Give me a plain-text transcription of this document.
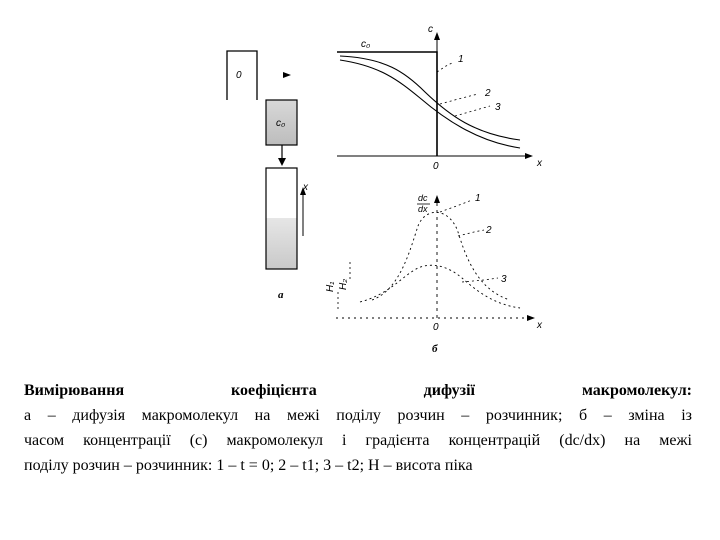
0
c₀
x
а
c
x
0
c₀
1
2
3
dc
dx
x
0
H₁ H₂
1
2
3
б
Вимірювання	коефіцієнта	дифузії	макромолекул:
а – дифузія макромолекул на межі поділу розчин – розчинник; б – зміна із
часом концентрації (c) макромолекул і градієнта концентрацій (dc/dx) на межі
поділу розчин – розчинник: 1 – t = 0; 2 – t1; 3 – t2; H – висота піка
